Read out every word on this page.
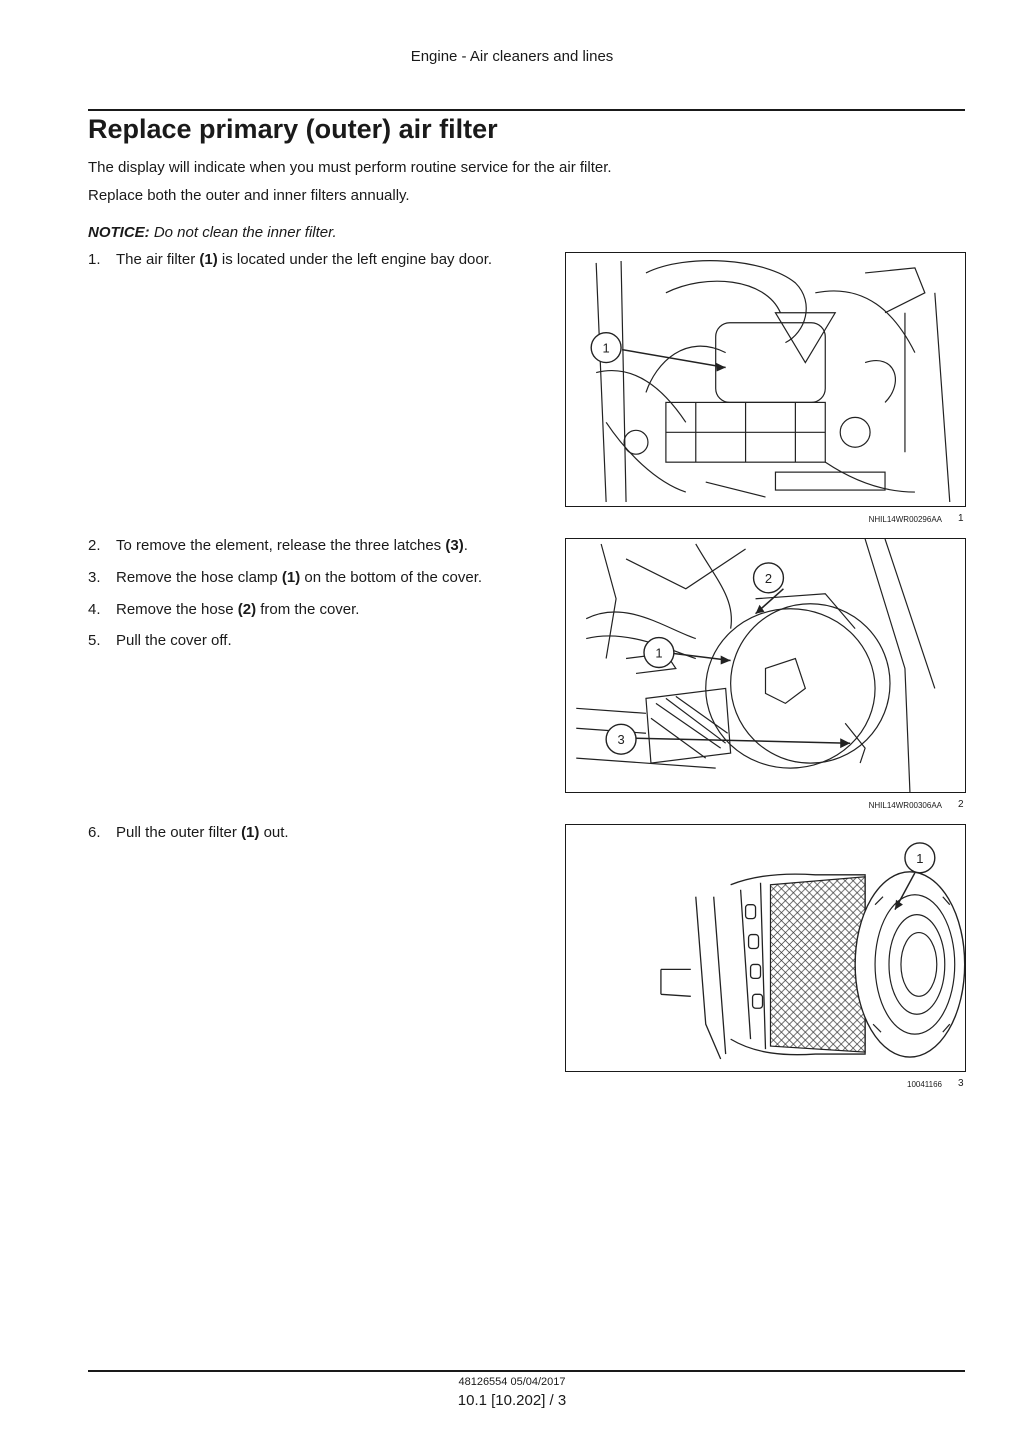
Engine - Air cleaners and lines
Replace primary (outer) air filter

The display will indicate when you must perform routine service for the air filter.

Replace both the outer and inner filters annually.

NOTICE: Do not clean the inner filter.
1.	The air filter (1) is located under the left engine bay door.
2.	To remove the element, release the three latches (3).
3.	Remove the hose clamp (1) on the bottom of the cover.
4.	Remove the hose (2) from the cover.
5.	Pull the cover off.
6.	Pull the outer filter (1) out.
1
NHIL14WR00296AA 1
2
1
3
NHIL14WR00306AA 2
1
10041166 3
48126554 05/04/2017
10.1 [10.202] / 3
